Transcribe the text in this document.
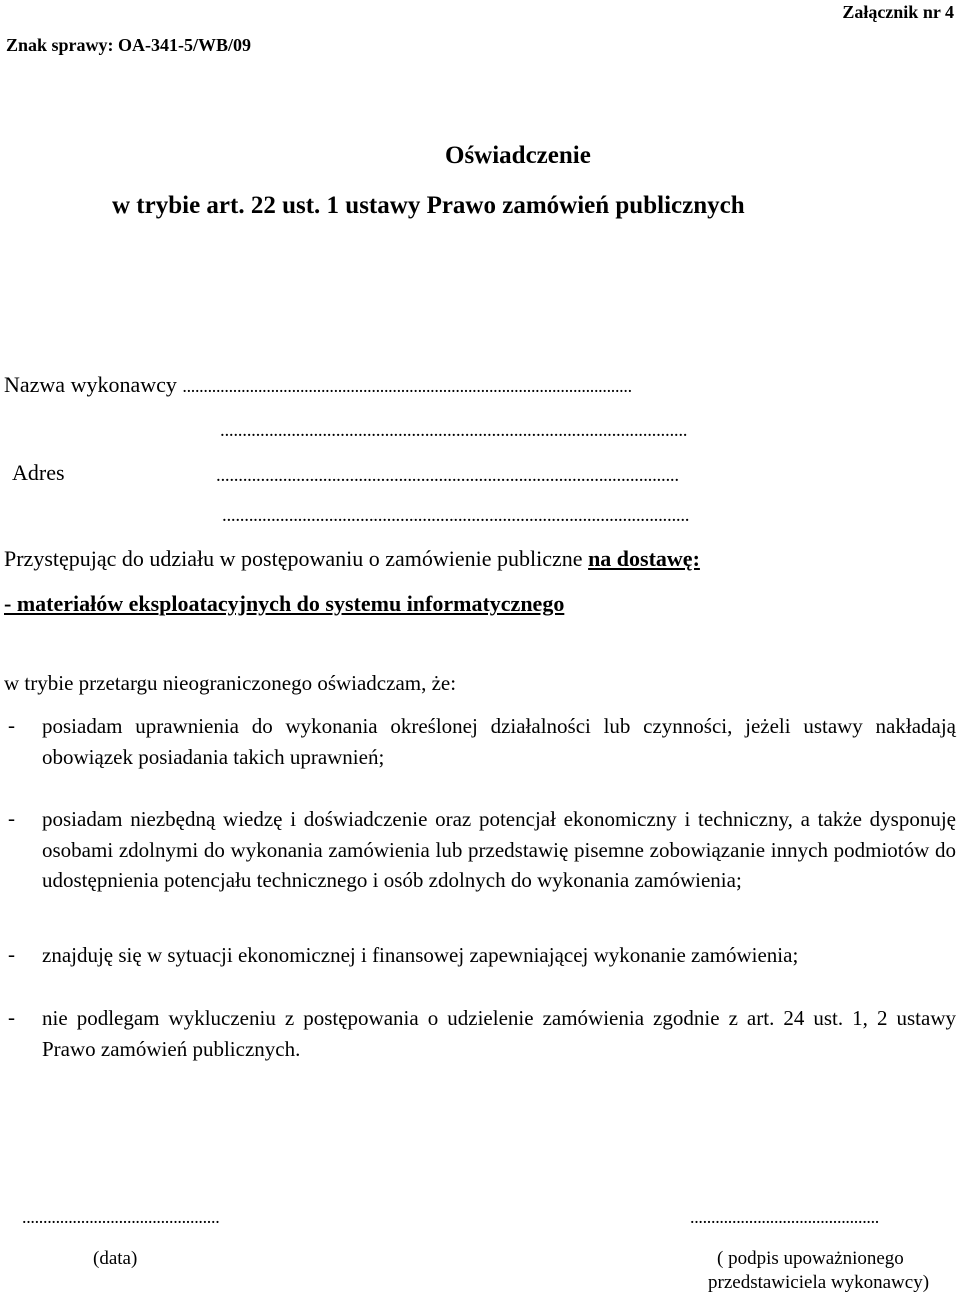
Załącznik nr 4
Znak sprawy: OA-341-5/WB/09
Oświadczenie
w trybie art. 22 ust. 1 ustawy Prawo zamówień publicznych
Nazwa wykonawcy ...........................................................................................................
.........................................................................................................
Adres	........................................................................................................
.........................................................................................................
Przystępując do udziału w postępowaniu o zamówienie publiczne na dostawę:
- materiałów eksploatacyjnych do systemu informatycznego
w trybie przetargu nieograniczonego oświadczam, że:
- posiadam uprawnienia do wykonania określonej działalności lub czynności, jeżeli ustawy nakładają obowiązek posiadania takich uprawnień;
- posiadam niezbędną wiedzę i doświadczenie oraz potencjał ekonomiczny i techniczny, a także dysponuję osobami zdolnymi do wykonania zamówienia lub przedstawię pisemne zobowiązanie innych podmiotów do udostępnienia potencjału technicznego i osób zdolnych do wykonania zamówienia;
- znajduję się w sytuacji ekonomicznej i finansowej zapewniającej wykonanie zamówienia;
- nie podlegam wykluczeniu z postępowania o udzielenie zamówienia zgodnie z art. 24 ust. 1, 2 ustawy Prawo zamówień publicznych.
...............................................
(data)
.............................................
( podpis upoważnionego
przedstawiciela wykonawcy)
